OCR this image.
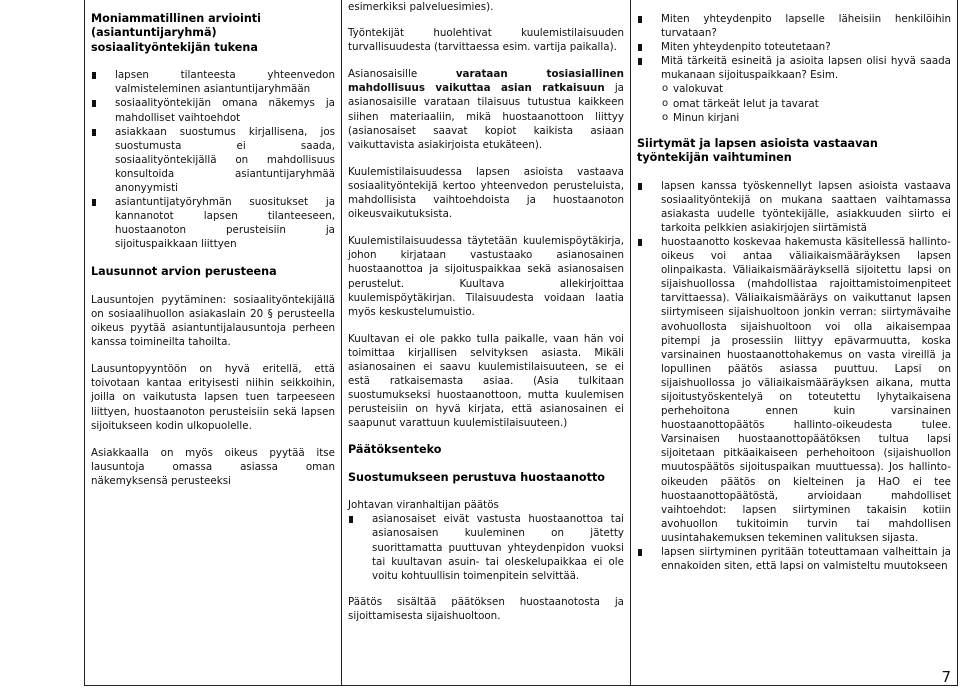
Moniammatillinen arviointi (asiantuntijaryhmä) sosiaalityöntekijän tukena

lapsen tilanteesta yhteenvedon valmisteleminen asiantuntijaryhmään
sosiaalityöntekijän omana näkemys ja mahdolliset vaihtoehdot
asiakkaan suostumus kirjallisena, jos suostumusta ei saada, sosiaalityöntekijällä on mahdollisuus konsultoida asiantuntijaryhmää anonyymisti
asiantuntijatyöryhmän suositukset ja kannanotot lapsen tilanteeseen, huostaanoton perusteisiin ja sijoituspaikkaan liittyen

Lausunnot arvion perusteena

Lausuntojen pyytäminen: sosiaalityöntekijällä on sosiaalihuollon asiakaslain 20 § perusteella oikeus pyytää asiantuntijalausuntoja perheen kanssa toimineilta tahoilta.

Lausuntopyyntöön on hyvä eritellä, että toivotaan kantaa erityisesti niihin seikkoihin, joilla on vaikutusta lapsen tuen tarpeeseen liittyen, huostaanoton perusteisiin sekä lapsen sijoitukseen kodin ulkopuolelle.

Asiakkaalla on myös oikeus pyytää itse lausuntoja omassa asiassa oman näkemyksensä perusteeksi

esimerkiksi palveluesimies).

Työntekijät huolehtivat kuulemistilaisuuden turvallisuudesta (tarvittaessa esim. vartija paikalla).

Asianosaisille varataan tosiasiallinen mahdollisuus vaikuttaa asian ratkaisuun ja asianosaisille varataan tilaisuus tutustua kaikkeen siihen materiaaliin, mikä huostaanottoon liittyy (asianosaiset saavat kopiot kaikista asiaan vaikuttavista asiakirjoista etukäteen).

Kuulemistilaisuudessa lapsen asioista vastaava sosiaalityöntekijä kertoo yhteenvedon perusteluista, mahdollisista vaihtoehdoista ja huostaanoton oikeusvaikutuksista.

Kuulemistilaisuudessa täytetään kuulemispöytäkirja, johon kirjataan vastustaako asianosainen huostaanottoa ja sijoituspaikkaa sekä asianosaisen perustelut. Kuultava allekirjoittaa kuulemispöytäkirjan. Tilaisuudesta voidaan laatia myös keskustelumuistio.

Kuultavan ei ole pakko tulla paikalle, vaan hän voi toimittaa kirjallisen selvityksen asiasta. Mikäli asianosainen ei saavu kuulemistilaisuuteen, se ei estä ratkaisemasta asiaa. (Asia tulkitaan suostumukseksi huostaanottoon, mutta kuulemisen perusteisiin on hyvä kirjata, että asianosainen ei saapunut varattuun kuulemistilaisuuteen.)

Päätöksenteko

Suostumukseen perustuva huostaanotto

Johtavan viranhaltijan päätös

asianosaiset eivät vastusta huostaanottoa tai asianosaisen kuuleminen on jätetty suorittamatta puuttuvan yhteydenpidon vuoksi tai kuultavan asuin- tai oleskelupaikkaa ei ole voitu kohtuullisin toimenpitein selvittää.

Päätös sisältää päätöksen huostaanotosta ja sijoittamisesta sijaishuoltoon.

Miten yhteydenpito lapselle läheisiin henkilöihin turvataan?
Miten yhteydenpito toteutetaan?
Mitä tärkeitä esineitä ja asioita lapsen olisi hyvä saada mukanaan sijoituspaikkaan? Esim.
o valokuvat
o omat tärkeät lelut ja tavarat
o Minun kirjani

Siirtymät ja lapsen asioista vastaavan työntekijän vaihtuminen

lapsen kanssa työskennellyt lapsen asioista vastaava sosiaalityöntekijä on mukana saattaen vaihtamassa asiakasta uudelle työntekijälle, asiakkuuden siirto ei tarkoita pelkkien asiakirjojen siirtämistä
huostaanotto koskevaa hakemusta käsitellessä hallinto-oikeus voi antaa väliaikaismääräyksen lapsen olinpaikasta. Väliaikaismääräyksellä sijoitettu lapsi on sijaishuollossa (mahdollistaa rajoittamistoimenpiteet tarvittaessa). Väliaikaismääräys on vaikuttanut lapsen siirtymiseen sijaishuoltoon jonkin verran: siirtymävaihe avohuollosta sijaishuoltoon voi olla aikaisempaa pitempi ja prosessiin liittyy epävarmuutta, koska varsinainen huostaanottohakemus on vasta vireillä ja lopullinen päätös asiassa puuttuu. Lapsi on sijaishuollossa jo väliaikaismääräyksen aikana, mutta sijoitustyöskentelyä on toteutettu lyhytaikaisena perhehoitona ennen kuin varsinainen huostaanottopäätös hallinto-oikeudesta tulee. Varsinaisen huostaanottopäätöksen tultua lapsi sijoitetaan pitkäaikaiseen perhehoitoon (sijaishuollon muutospäätös sijoituspaikan muuttuessa). Jos hallinto-oikeuden päätös on kielteinen ja HaO ei tee huostaanottopäätöstä, arvioidaan mahdolliset vaihtoehdot: lapsen siirtyminen takaisin kotiin avohuollon tukitoimin turvin tai mahdollisen uusintahakemuksen tekeminen valituksen sijasta.
lapsen siirtyminen pyritään toteuttamaan valheittain ja ennakoiden siten, että lapsi on valmisteltu muutokseen
7
